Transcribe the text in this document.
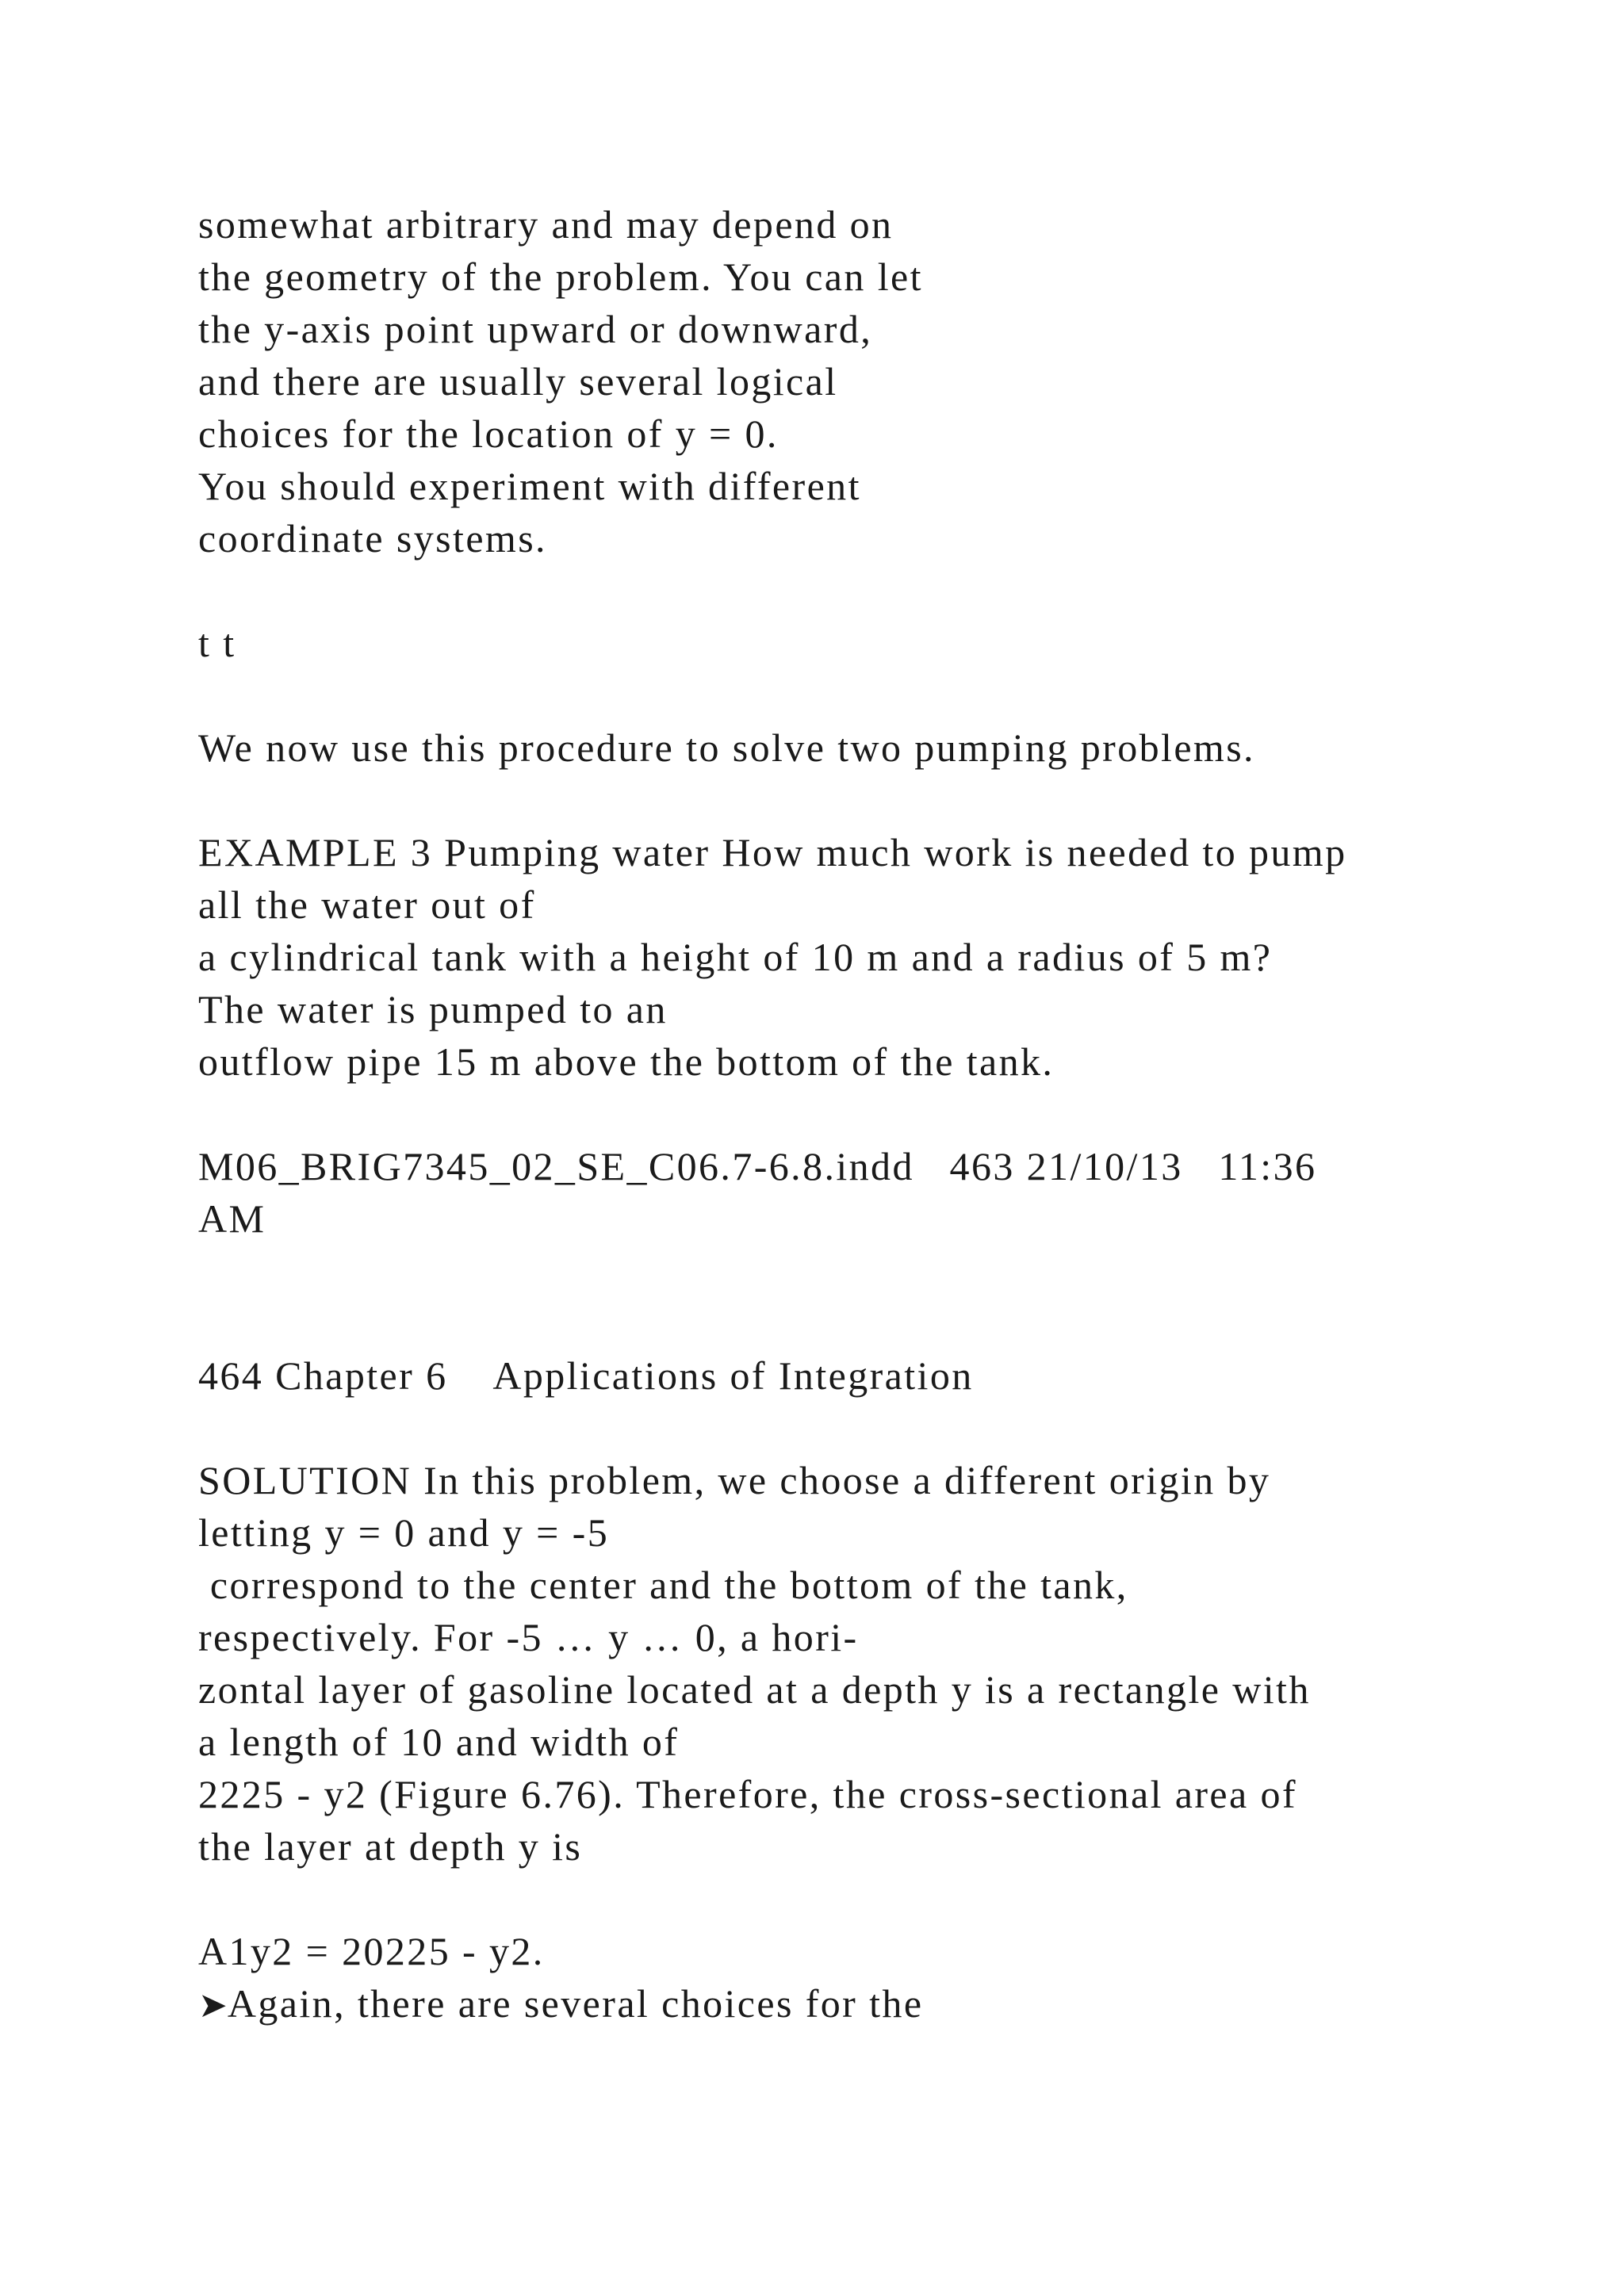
somewhat arbitrary and may depend on
the geometry of the problem. You can let
the y-axis point upward or downward,
and there are usually several logical
choices for the location of y = 0.
You should experiment with different
coordinate systems.
t t
We now use this procedure to solve two pumping problems.
EXAMPLE 3 Pumping water How much work is needed to pump
all the water out of
a cylindrical tank with a height of 10 m and a radius of 5 m?
The water is pumped to an
outflow pipe 15 m above the bottom of the tank.
M06_BRIG7345_02_SE_C06.7-6.8.indd   463 21/10/13   11:36
AM
464 Chapter 6    Applications of Integration
SOLUTION In this problem, we choose a different origin by
letting y = 0 and y = -5
correspond to the center and the bottom of the tank,
respectively. For -5 … y … 0, a hori-
zontal layer of gasoline located at a depth y is a rectangle with
a length of 10 and width of
2225 - y2 (Figure 6.76). Therefore, the cross-sectional area of
the layer at depth y is
A1y2 = 20225 - y2.
➤Again, there are several choices for the
